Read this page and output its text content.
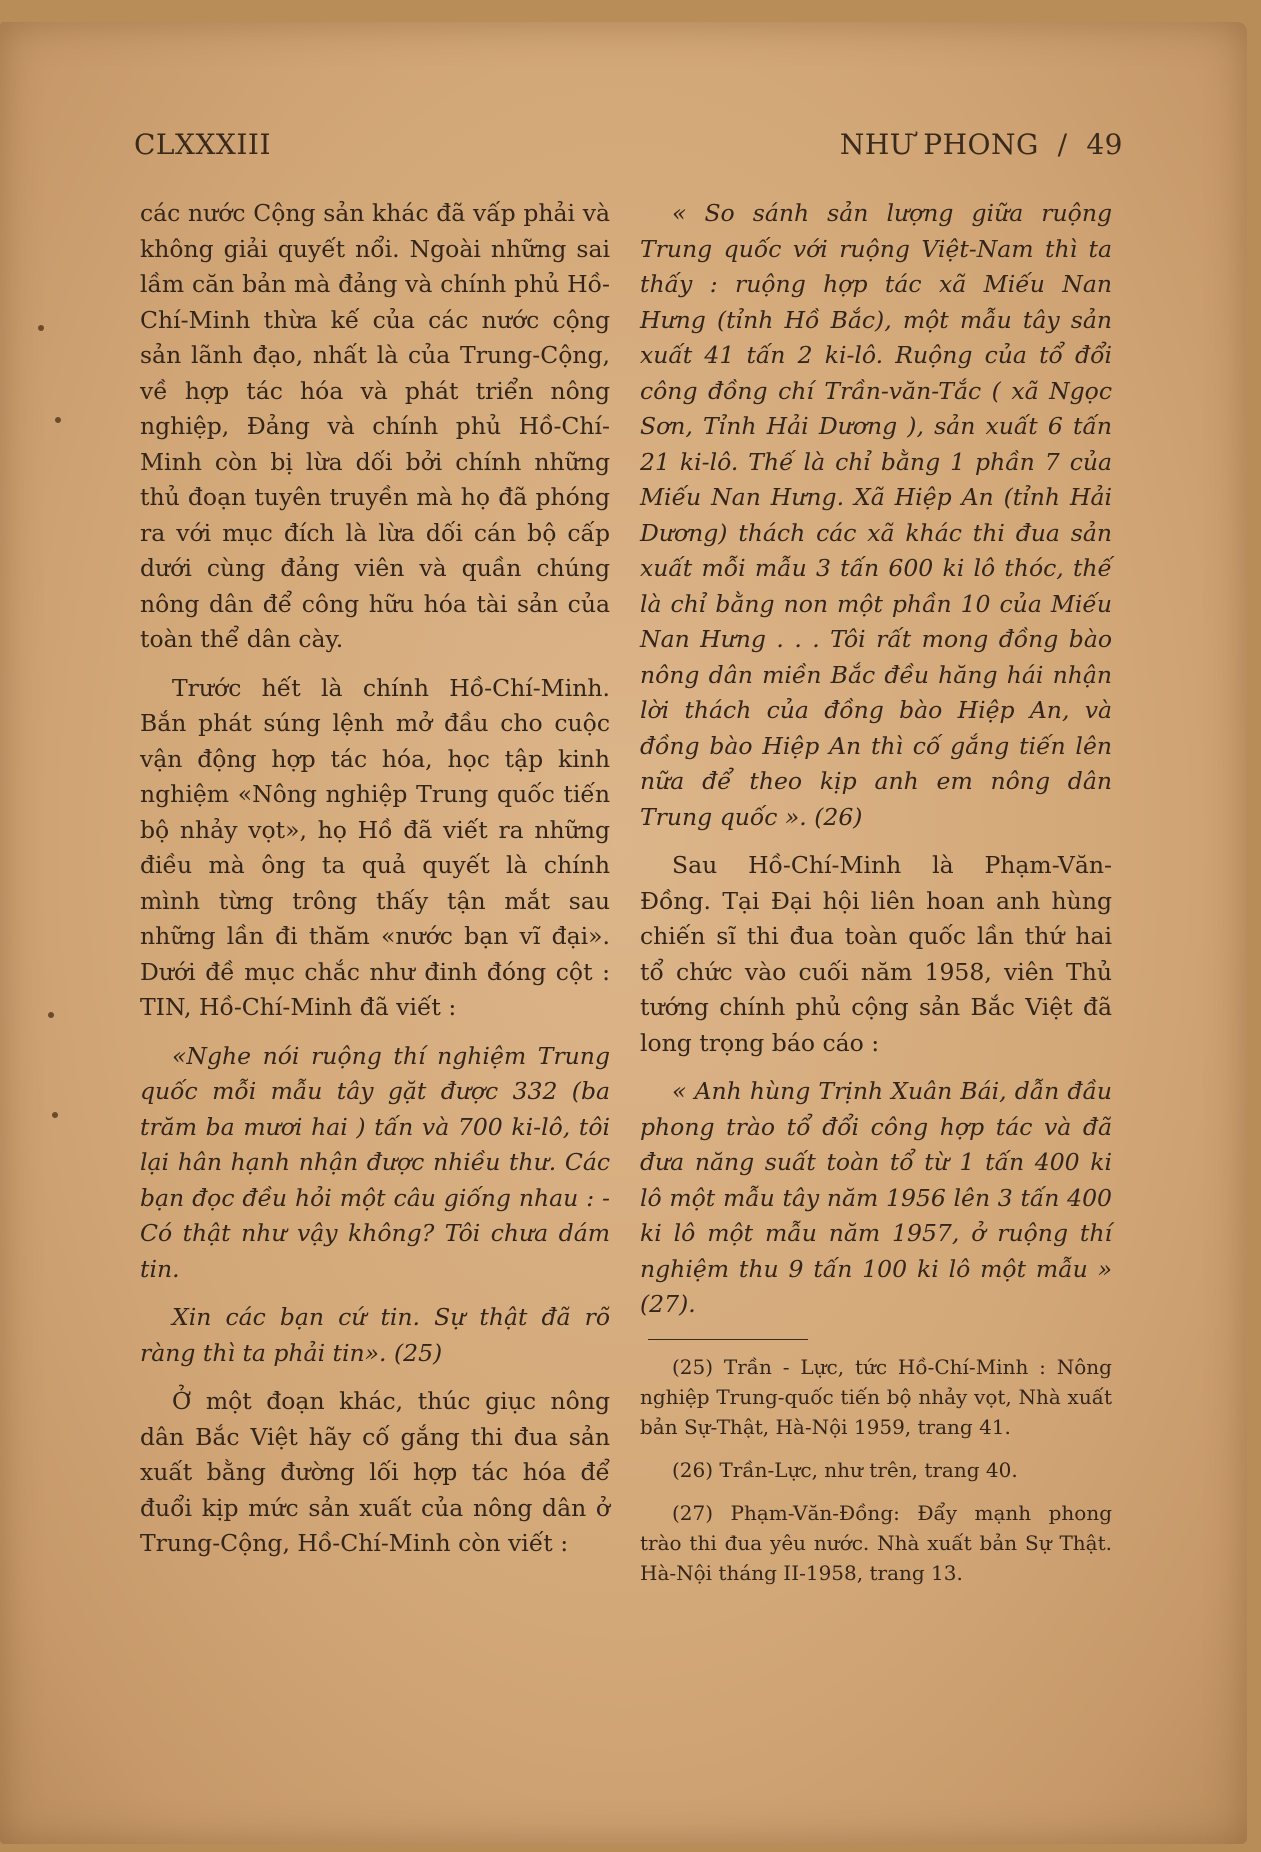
CLXXXIII	NHƯ PHONG  /  49

các nước Cộng sản khác đã vấp phải và không giải quyết nổi. Ngoài những sai lầm căn bản mà đảng và chính phủ Hồ-Chí-Minh thừa kế của các nước cộng sản lãnh đạo, nhất là của Trung-Cộng, về hợp tác hóa và phát triển nông nghiệp, Đảng và chính phủ Hồ-Chí-Minh còn bị lừa dối bởi chính những thủ đoạn tuyên truyền mà họ đã phóng ra với mục đích là lừa dối cán bộ cấp dưới cùng đảng viên và quần chúng nông dân để công hữu hóa tài sản của toàn thể dân cày.

Trước hết là chính Hồ-Chí-Minh. Bắn phát súng lệnh mở đầu cho cuộc vận động hợp tác hóa, học tập kinh nghiệm «Nông nghiệp Trung quốc tiến bộ nhảy vọt», họ Hồ đã viết ra những điều mà ông ta quả quyết là chính mình từng trông thấy tận mắt sau những lần đi thăm «nước bạn vĩ đại». Dưới đề mục chắc như đinh đóng cột : TIN, Hồ-Chí-Minh đã viết :

«Nghe nói ruộng thí nghiệm Trung quốc mỗi mẫu tây gặt được 332 (ba trăm ba mươi hai ) tấn và 700 ki-lô, tôi lại hân hạnh nhận được nhiều thư. Các bạn đọc đều hỏi một câu giống nhau : - Có thật như vậy không? Tôi chưa dám tin.

Xin các bạn cứ tin. Sự thật đã rõ ràng thì ta phải tin». (25)

Ở một đoạn khác, thúc giục nông dân Bắc Việt hãy cố gắng thi đua sản xuất bằng đường lối hợp tác hóa để đuổi kịp mức sản xuất của nông dân ở Trung-Cộng, Hồ-Chí-Minh còn viết :

« So sánh sản lượng giữa ruộng Trung quốc với ruộng Việt-Nam thì ta thấy : ruộng hợp tác xã Miếu Nan Hưng (tỉnh Hồ Bắc), một mẫu tây sản xuất 41 tấn 2 ki-lô. Ruộng của tổ đổi công đồng chí Trần-văn-Tắc ( xã Ngọc Sơn, Tỉnh Hải Dương ), sản xuất 6 tấn 21 ki-lô. Thế là chỉ bằng 1 phần 7 của Miếu Nan Hưng. Xã Hiệp An (tỉnh Hải Dương) thách các xã khác thi đua sản xuất mỗi mẫu 3 tấn 600 ki lô thóc, thế là chỉ bằng non một phần 10 của Miếu Nan Hưng . . . Tôi rất mong đồng bào nông dân miền Bắc đều hăng hái nhận lời thách của đồng bào Hiệp An, và đồng bào Hiệp An thì cố gắng tiến lên nữa để theo kịp anh em nông dân Trung quốc ». (26)

Sau Hồ-Chí-Minh là Phạm-Văn-Đồng. Tại Đại hội liên hoan anh hùng chiến sĩ thi đua toàn quốc lần thứ hai tổ chức vào cuối năm 1958, viên Thủ tướng chính phủ cộng sản Bắc Việt đã long trọng báo cáo :

« Anh hùng Trịnh Xuân Bái, dẫn đầu phong trào tổ đổi công hợp tác và đã đưa năng suất toàn tổ từ 1 tấn 400 ki lô một mẫu tây năm 1956 lên 3 tấn 400 ki lô một mẫu năm 1957, ở ruộng thí nghiệm thu 9 tấn 100 ki lô một mẫu » (27).

(25) Trần - Lực, tức Hồ-Chí-Minh : Nông nghiệp Trung-quốc tiến bộ nhảy vọt, Nhà xuất bản Sự-Thật, Hà-Nội 1959, trang 41.

(26) Trần-Lực, như trên, trang 40.

(27) Phạm-Văn-Đồng: Đẩy mạnh phong trào thi đua yêu nước. Nhà xuất bản Sự Thật. Hà-Nội tháng II-1958, trang 13.
